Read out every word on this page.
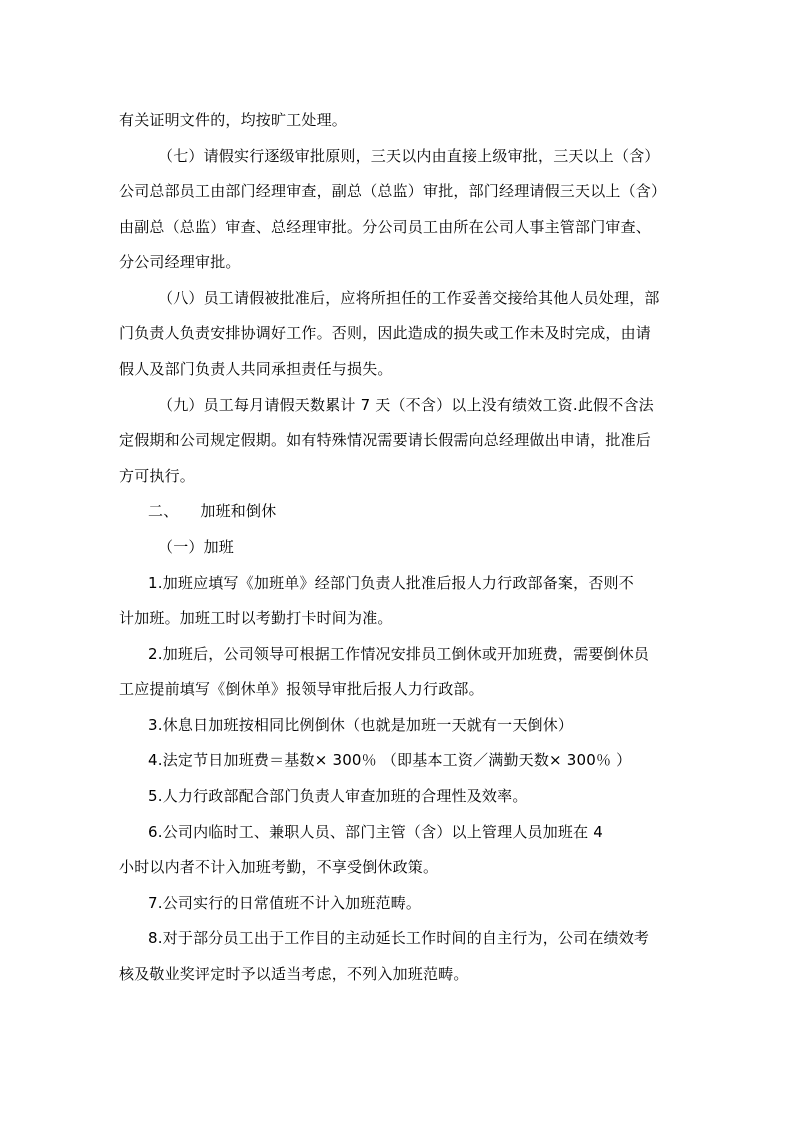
有关证明文件的，均按旷工处理。
（七）请假实行逐级审批原则，三天以内由直接上级审批，三天以上（含）
公司总部员工由部门经理审查，副总（总监）审批，部门经理请假三天以上（含）
由副总（总监）审查、总经理审批。分公司员工由所在公司人事主管部门审查、
分公司经理审批。
（八）员工请假被批准后，应将所担任的工作妥善交接给其他人员处理，部
门负责人负责安排协调好工作。否则，因此造成的损失或工作未及时完成，由请
假人及部门负责人共同承担责任与损失。
（九）员工每月请假天数累计 7 天（不含）以上没有绩效工资.此假不含法
定假期和公司规定假期。如有特殊情况需要请长假需向总经理做出申请，批准后
方可执行。
二、 加班和倒休
（一）加班
1.加班应填写《加班单》经部门负责人批准后报人力行政部备案，否则不
计加班。加班工时以考勤打卡时间为准。
2.加班后，公司领导可根据工作情况安排员工倒休或开加班费，需要倒休员
工应提前填写《倒休单》报领导审批后报人力行政部。
3.休息日加班按相同比例倒休（也就是加班一天就有一天倒休）
4.法定节日加班费＝基数× 300％ （即基本工资／满勤天数× 300％ ）
5.人力行政部配合部门负责人审查加班的合理性及效率。
6.公司内临时工、兼职人员、部门主管（含）以上管理人员加班在 4
小时以内者不计入加班考勤，不享受倒休政策。
7.公司实行的日常值班不计入加班范畴。
8.对于部分员工出于工作目的主动延长工作时间的自主行为，公司在绩效考
核及敬业奖评定时予以适当考虑，不列入加班范畴。
